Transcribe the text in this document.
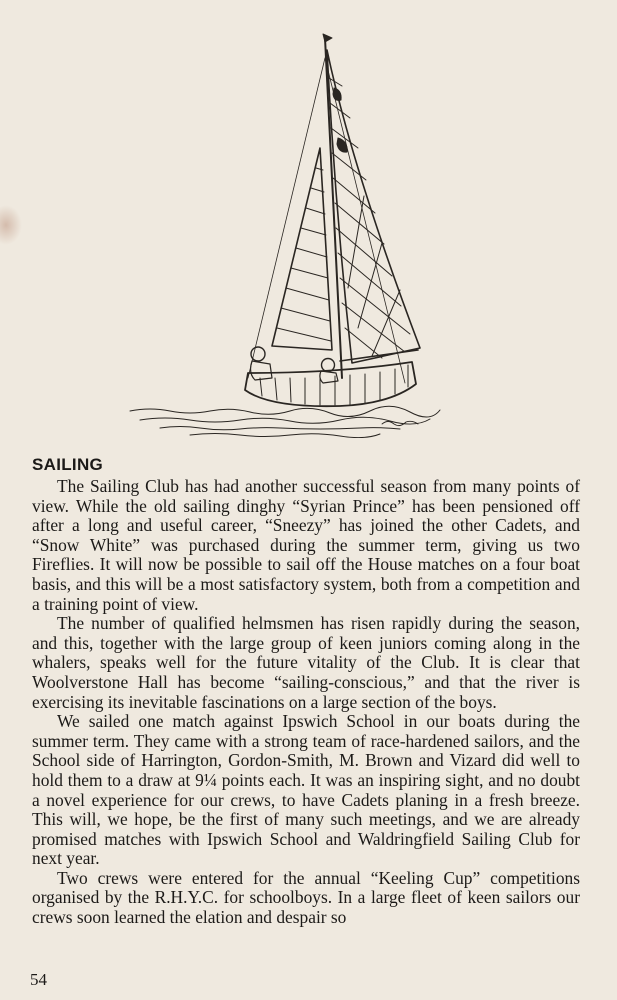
SAILING

The Sailing Club has had another successful season from many points of view. While the old sailing dinghy “Syrian Prince” has been pensioned off after a long and useful career, “Sneezy” has joined the other Cadets, and “Snow White” was purchased during the summer term, giving us two Fireflies. It will now be possible to sail off the House matches on a four boat basis, and this will be a most satisfactory system, both from a competition and a training point of view.

The number of qualified helmsmen has risen rapidly during the season, and this, together with the large group of keen juniors coming along in the whalers, speaks well for the future vitality of the Club. It is clear that Woolverstone Hall has become “sailing-conscious,” and that the river is exercising its inevitable fascinations on a large section of the boys.

We sailed one match against Ipswich School in our boats during the summer term. They came with a strong team of race-hardened sailors, and the School side of Harrington, Gordon-Smith, M. Brown and Vizard did well to hold them to a draw at 9¼ points each. It was an inspiring sight, and no doubt a novel experience for our crews, to have Cadets planing in a fresh breeze. This will, we hope, be the first of many such meetings, and we are already promised matches with Ipswich School and Waldringfield Sailing Club for next year.

Two crews were entered for the annual “Keeling Cup” competitions organised by the R.H.Y.C. for schoolboys. In a large fleet of keen sailors our crews soon learned the elation and despair so

54
